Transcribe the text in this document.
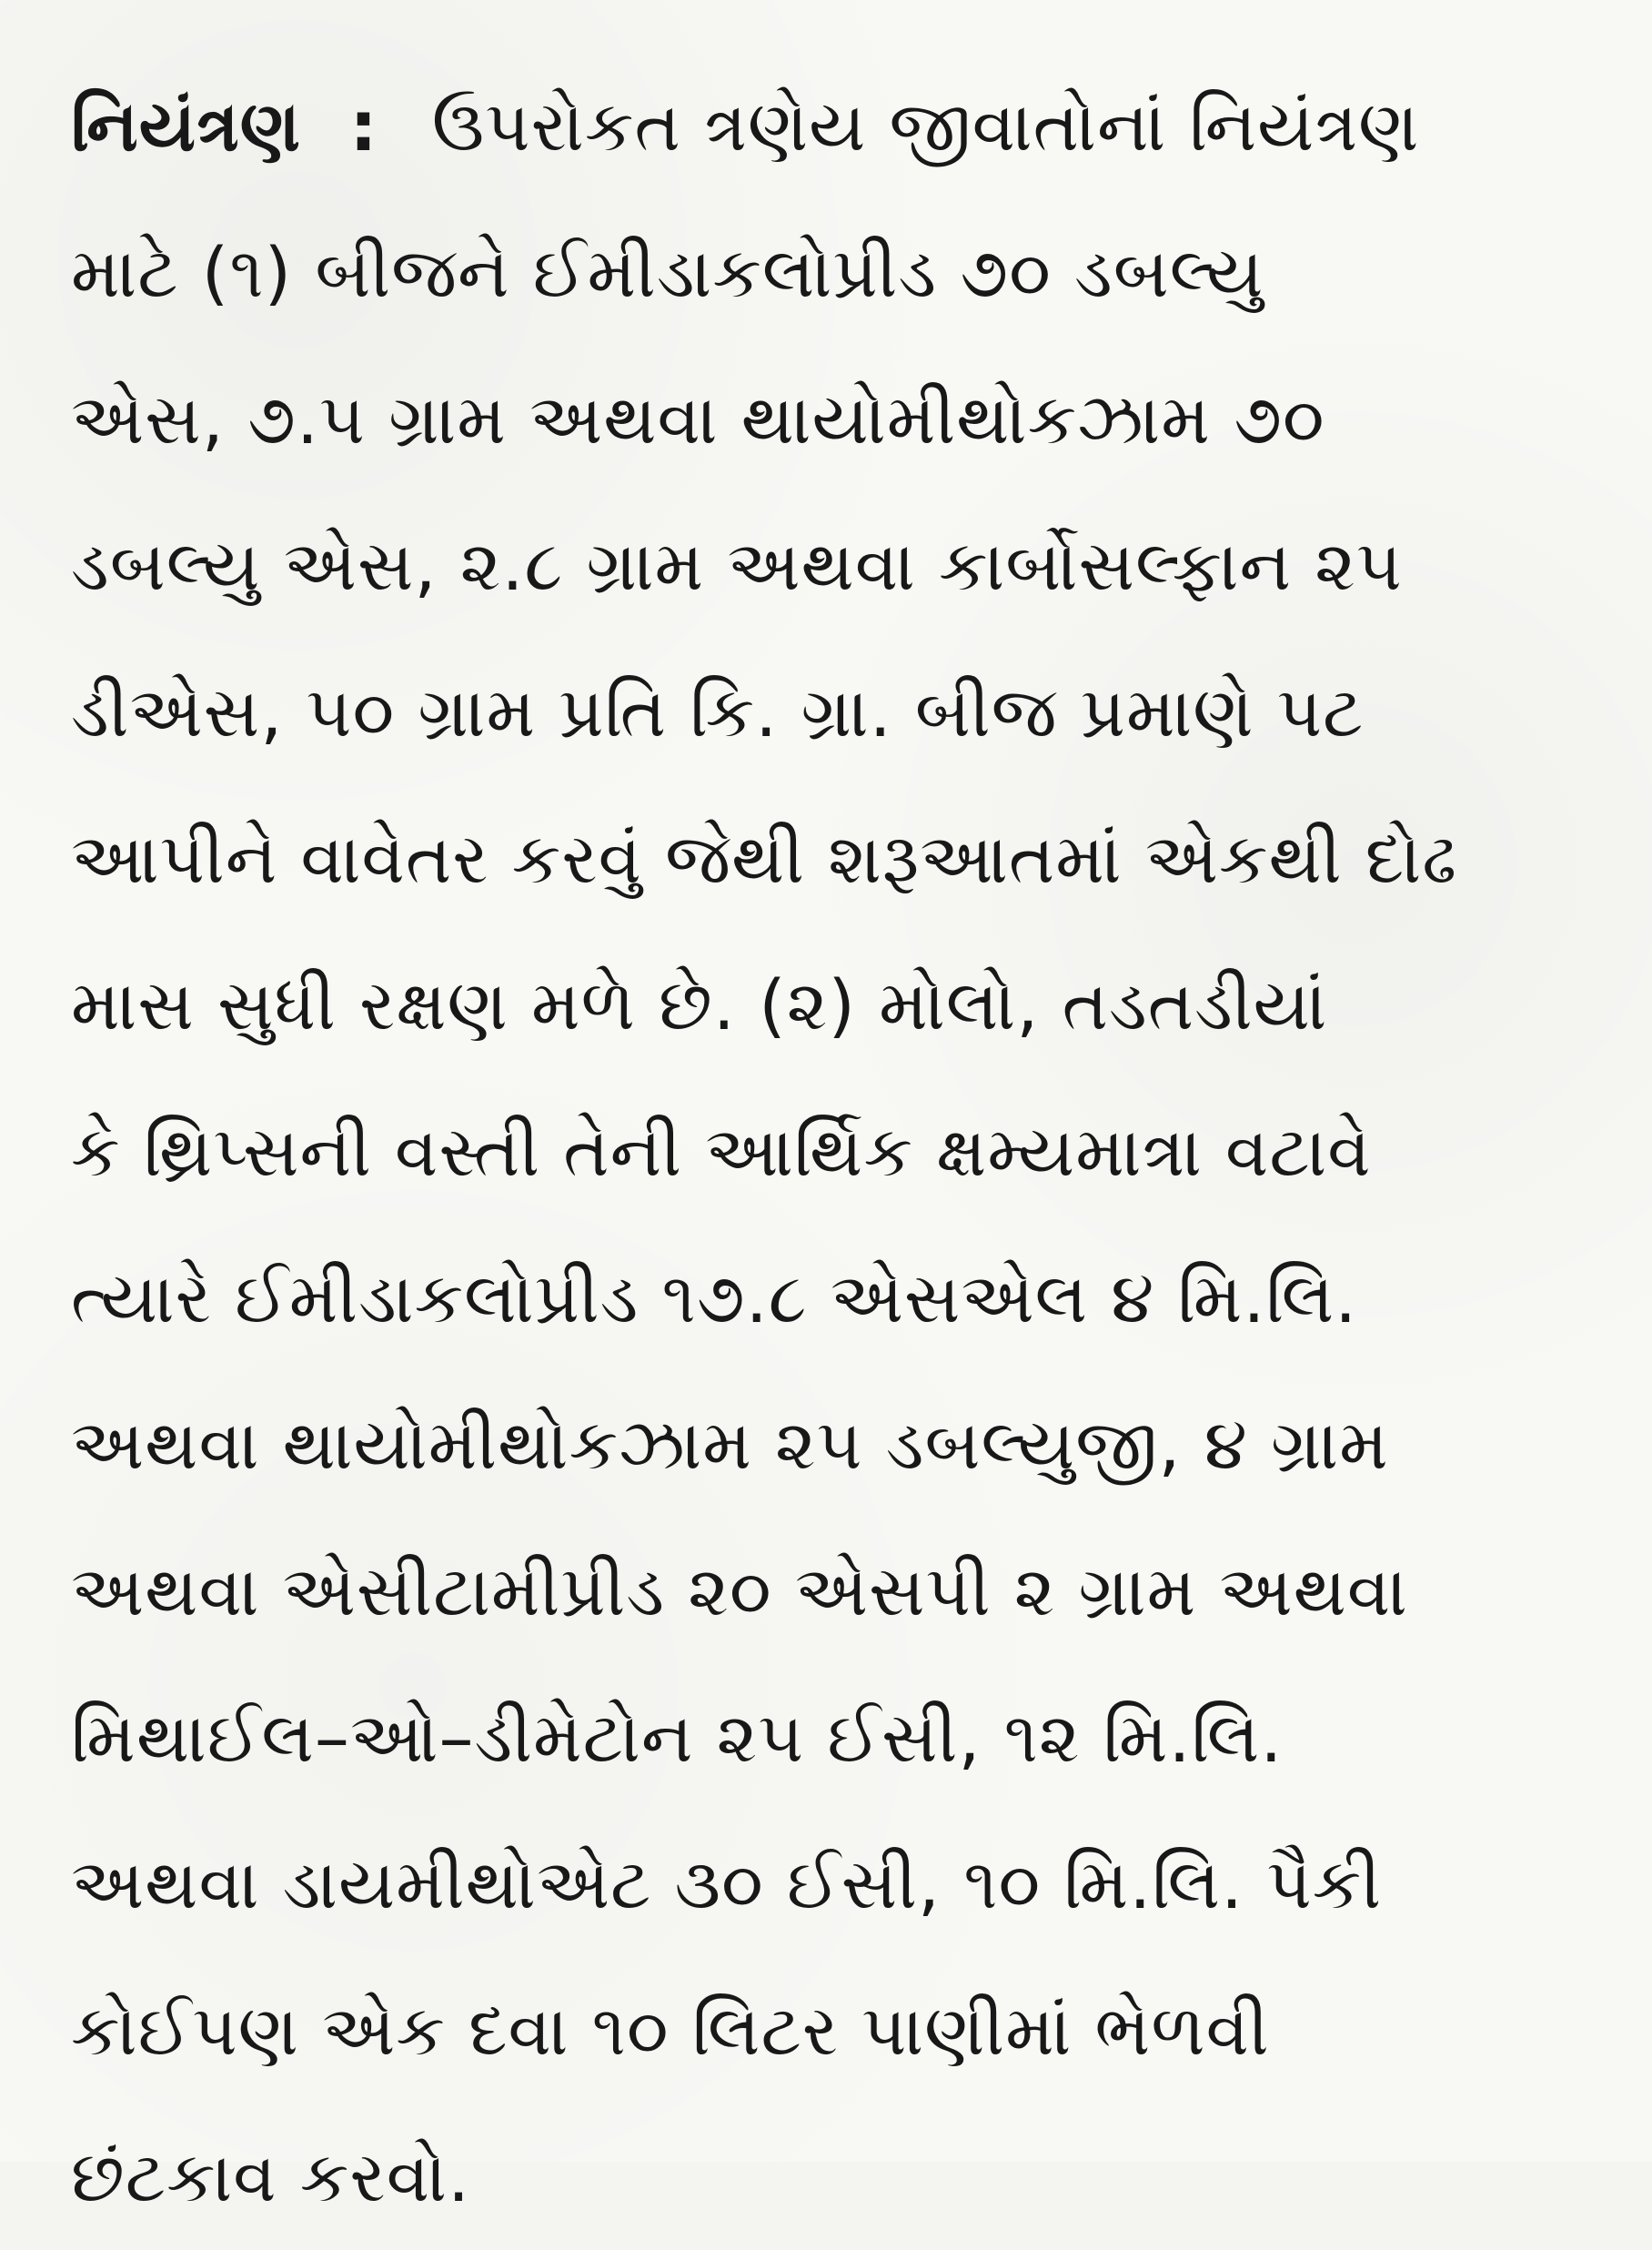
નિયંત્રણ : ઉપરોકત ત્રણેય જીવાતોનાં નિયંત્રણ
માટે (૧) બીજને ઈમીડાકલોપ્રીડ ૭૦ ડબલ્યુ
એસ, ૭.૫ ગ્રામ અથવા થાયોમીથોકઝામ ૭૦
ડબલ્યુ એસ, ૨.૮ ગ્રામ અથવા કાર્બોસલ્ફાન ૨૫
ડીએસ, ૫૦ ગ્રામ પ્રતિ કિ. ગ્રા. બીજ પ્રમાણે પટ
આપીને વાવેતર કરવું જેથી શરૂઆતમાં એકથી દોઢ
માસ સુધી રક્ષણ મળે છે. (૨) મોલો, તડતડીયાં
કે થ્રિપ્સની વસ્તી તેની આર્થિક ક્ષમ્યમાત્રા વટાવે
ત્યારે ઈમીડાકલોપ્રીડ ૧૭.૮ એસએલ ૪ મિ.લિ.
અથવા થાયોમીથોકઝામ ૨૫ ડબલ્યુજી, ૪ ગ્રામ
અથવા એસીટામીપ્રીડ ૨૦ એસપી ૨ ગ્રામ અથવા
મિથાઈલ–ઓ–ડીમેટોન ૨૫ ઈસી, ૧૨ મિ.લિ.
અથવા ડાયમીથોએટ ૩૦ ઈસી, ૧૦ મિ.લિ. પૈકી
કોઈપણ એક દવા ૧૦ લિટર પાણીમાં ભેળવી
છંટકાવ કરવો.
